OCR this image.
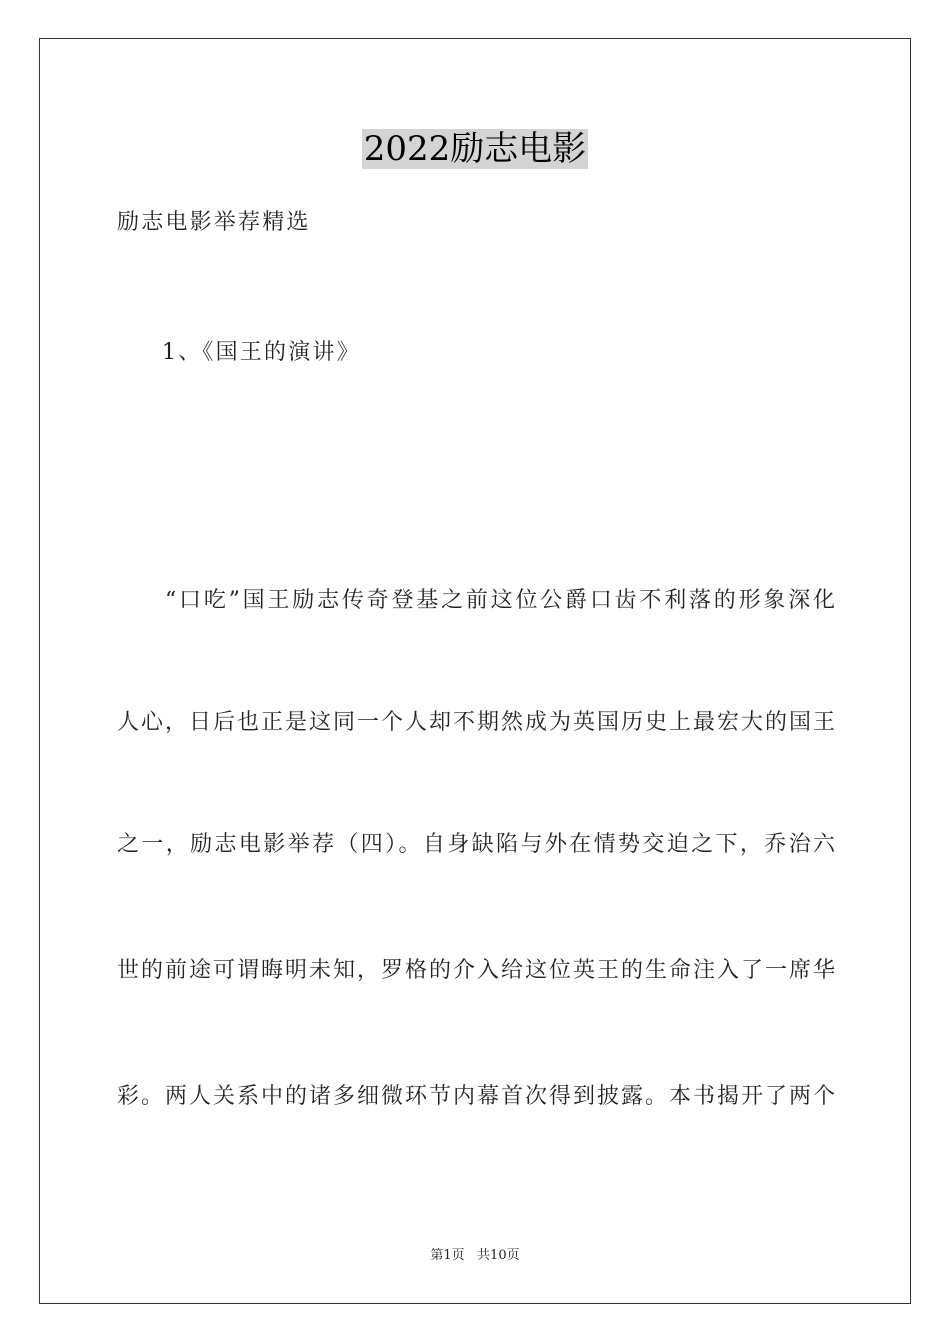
2022励志电影
励志电影举荐精选
1、《国王的演讲》
“口吃”国王励志传奇登基之前这位公爵口齿不利落的形象深化
人心，日后也正是这同一个人却不期然成为英国历史上最宏大的国王
之一，励志电影举荐（四）。自身缺陷与外在情势交迫之下，乔治六
世的前途可谓晦明未知，罗格的介入给这位英王的生命注入了一席华
彩。两人关系中的诸多细微环节内幕首次得到披露。本书揭开了两个
第1页   共10页
